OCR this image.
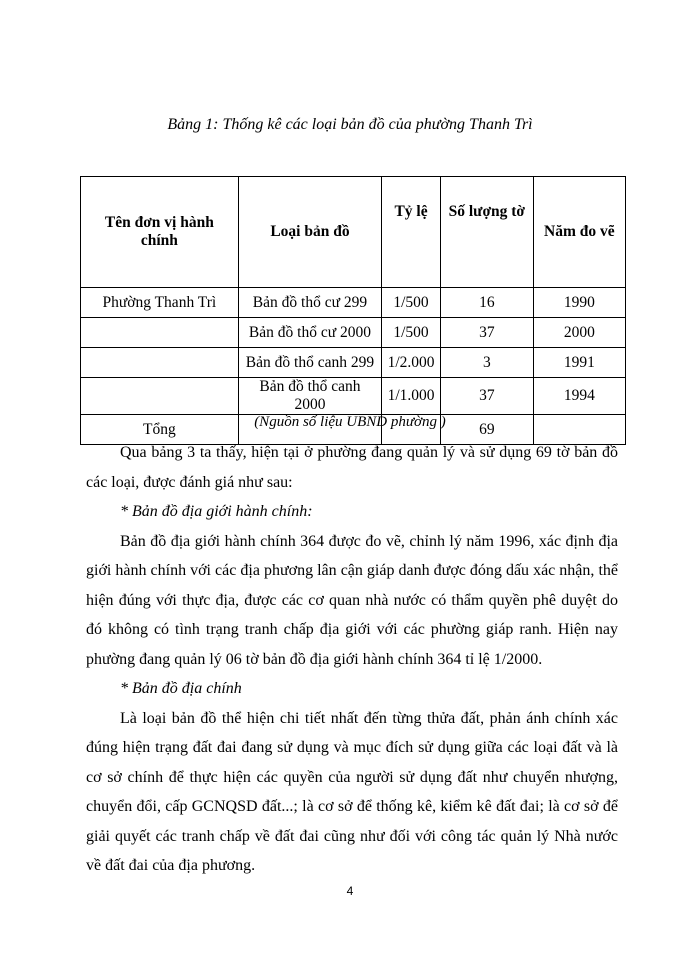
Bảng 1: Thống kê các loại bản đồ của phường Thanh Trì
Tên đơn vị hành chính	Loại bản đồ	Tỷ lệ	Số lượng tờ	Năm đo vẽ
Phường Thanh Trì	Bản đồ thổ cư 299	1/500	16	1990
	Bản đồ thổ cư 2000	1/500	37	2000
	Bản đồ thổ canh 299	1/2.000	3	1991
	Bản đồ thổ canh 2000	1/1.000	37	1994
Tổng			69	
(Nguồn số liệu UBND phường )

Qua bảng 3 ta thấy, hiện tại ở phường đang quản lý và sử dụng 69 tờ bản đồ các loại, được đánh giá như sau:

* Bản đồ địa giới hành chính:

Bản đồ địa giới hành chính 364 được đo vẽ, chỉnh lý năm 1996, xác định địa giới hành chính với các địa phương lân cận giáp danh được đóng dấu xác nhận, thể hiện đúng với thực địa, được các cơ quan nhà nước có thẩm quyền phê duyệt do đó không có tình trạng tranh chấp địa giới với các phường giáp ranh. Hiện nay phường đang quản lý 06 tờ bản đồ địa giới hành chính 364 tỉ lệ 1/2000.

* Bản đồ địa chính

Là loại bản đồ thể hiện chi tiết nhất đến từng thửa đất, phản ánh chính xác đúng hiện trạng đất đai đang sử dụng và mục đích sử dụng giữa các loại đất và là cơ sở chính để thực hiện các quyền của người sử dụng đất như chuyển nhượng, chuyển đổi, cấp GCNQSD đất...; là cơ sở để thống kê, kiểm kê đất đai; là cơ sở để giải quyết các tranh chấp về đất đai cũng như đối với công tác quản lý Nhà nước về đất đai của địa phương.

4
